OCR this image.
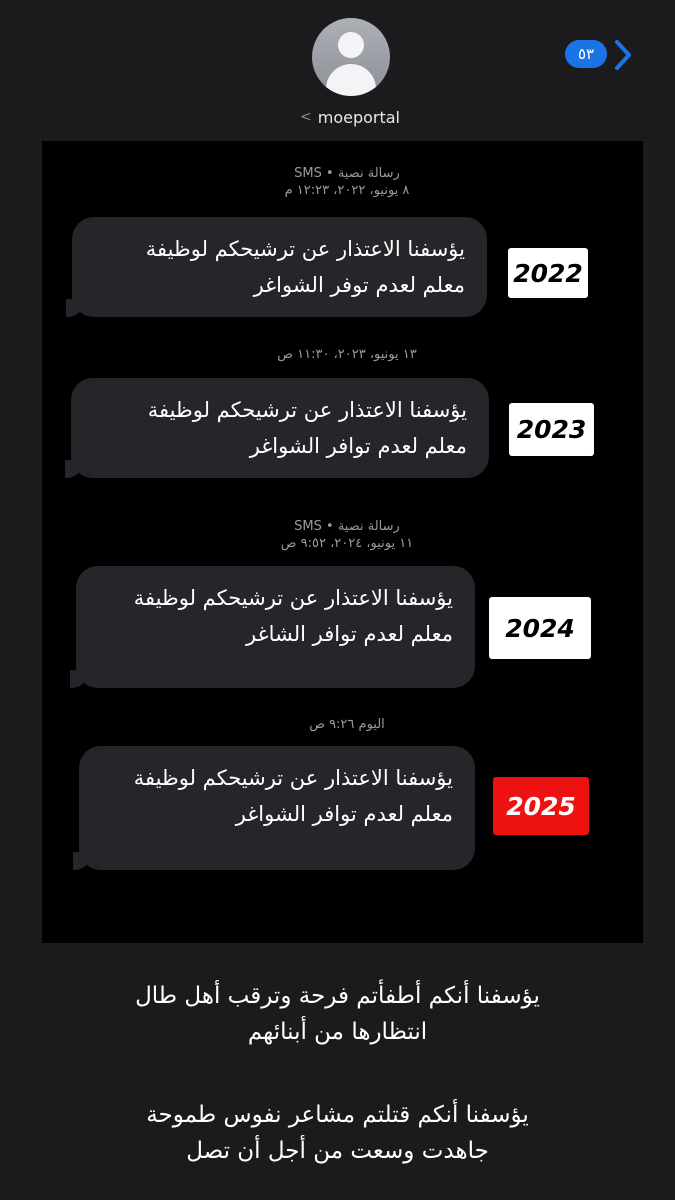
< moeportal
٥٣
رسالة نصية • SMS
٨ يونيو، ٢٠٢٢، ١٢:٢٣ م
يؤسفنا الاعتذار عن ترشيحكم لوظيفة
معلم لعدم توفر الشواغر	2022
١٣ يونيو، ٢٠٢٣، ١١:٣٠ ص
يؤسفنا الاعتذار عن ترشيحكم لوظيفة
معلم لعدم توافر الشواغر
2023
رسالة نصية • SMS
١١ يونيو، ٢٠٢٤، ٩:٥٢ ص
يؤسفنا الاعتذار عن ترشيحكم لوظيفة
معلم لعدم توافر الشاغر	2024
اليوم ٩:٢٦ ص
يؤسفنا الاعتذار عن ترشيحكم لوظيفة
معلم لعدم توافر الشواغر	2025
يؤسفنا أنكم أطفأتم فرحة وترقب أهل طال
انتظارها من أبنائهم
يؤسفنا أنكم قتلتم مشاعر نفوس طموحة
جاهدت وسعت من أجل أن تصل
